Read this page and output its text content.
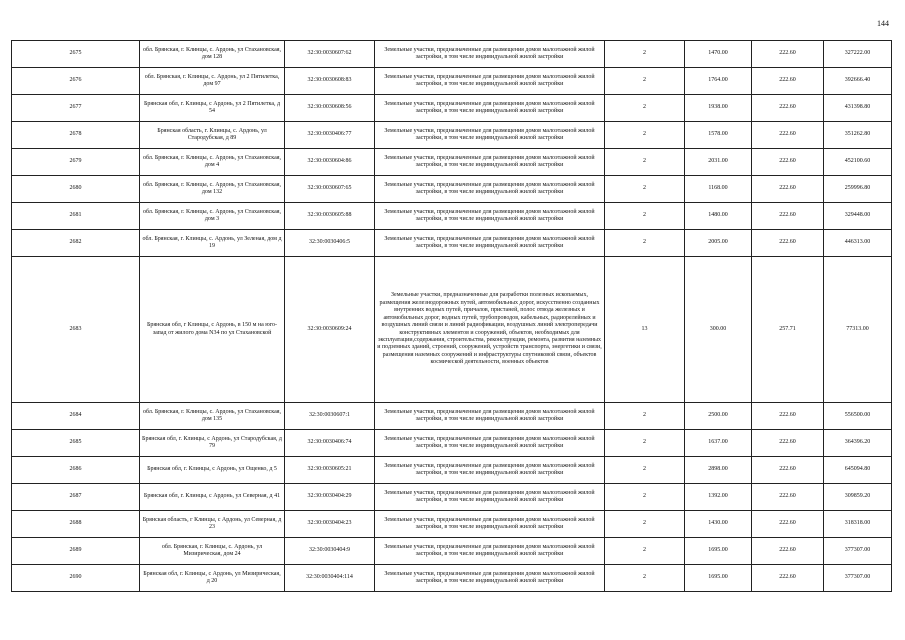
144
2675	обл. Брянская, г. Клинцы, с. Ардонь, ул Стахановская, дом 128	32:30:0030607:62	Земельные участки, предназначенные для размещения домов малоэтажной жилой застройки, в том числе индивидуальной жилой застройки	2	1470.00	222.60	327222.00
2676	обл. Брянская, г. Клинцы, с. Ардонь, ул 2 Пятилетка, дом 97	32:30:0030608:83	Земельные участки, предназначенные для размещения домов малоэтажной жилой застройки, в том числе индивидуальной жилой застройки	2	1764.00	222.60	392666.40
2677	Брянская обл, г. Клинцы, с Ардонь, ул 2 Пятилетка, д 54	32:30:0030608:56	Земельные участки, предназначенные для размещения домов малоэтажной жилой застройки, в том числе индивидуальной жилой застройки	2	1938.00	222.60	431398.80
2678	Брянская область, г. Клинцы, с. Ардонь, ул Стародубская, д 89	32:30:0030406:77	Земельные участки, предназначенные для размещения домов малоэтажной жилой застройки, в том числе индивидуальной жилой застройки	2	1578.00	222.60	351262.80
2679	обл. Брянская, г. Клинцы, с. Ардонь, ул Стахановская, дом 4	32:30:0030604:86	Земельные участки, предназначенные для размещения домов малоэтажной жилой застройки, в том числе индивидуальной жилой застройки	2	2031.00	222.60	452100.60
2680	обл. Брянская, г. Клинцы, с. Ардонь, ул Стахановская, дом 132	32:30:0030607:65	Земельные участки, предназначенные для размещения домов малоэтажной жилой застройки, в том числе индивидуальной жилой застройки	2	1168.00	222.60	259996.80
2681	обл. Брянская, г. Клинцы, с. Ардонь, ул Стахановская, дом 3	32:30:0030605:88	Земельные участки, предназначенные для размещения домов малоэтажной жилой застройки, в том числе индивидуальной жилой застройки	2	1480.00	222.60	329448.00
2682	обл. Брянская, г. Клинцы, с. Ардонь, ул Зеленая, дом д 19	32:30:0030406:5	Земельные участки, предназначенные для размещения домов малоэтажной жилой застройки, в том числе индивидуальной жилой застройки	2	2005.00	222.60	446313.00
2683	Брянская обл, г Клинцы, с Ардонь, в 150 м на юго-запад от жилого дома N34 по ул Стахановской	32:30:0030609:24	Земельные участки, предназначенные для разработки полезных ископаемых, размещения железнодорожных путей, автомобильных дорог, искусственно созданных внутренних водных путей, причалов, пристаней, полос отвода железных и автомобильных дорог, водных путей, трубопроводов, кабельных, радиорелейных и воздушных линий связи и линий радиофикации, воздушных линий электропередачи конструктивных элементов и сооружений, объектов, необходимых для эксплуатации,содержания, строительства, реконструкции, ремонта, развития наземных и подземных зданий, строений, сооружений, устройств транспорта, энергетики и связи, размещения наземных сооружений и инфраструктуры спутниковой связи, объектов космической деятельности, военных объектов	13	300.00	257.71	77313.00
2684	обл. Брянская, г. Клинцы, с. Ардонь, ул Стахановская, дом 135	32:30:0030607:1	Земельные участки, предназначенные для размещения домов малоэтажной жилой застройки, в том числе индивидуальной жилой застройки	2	2500.00	222.60	556500.00
2685	Брянская обл, г. Клинцы, с Ардонь, ул Стародубская, д 79	32:30:0030406:74	Земельные участки, предназначенные для размещения домов малоэтажной жилой застройки, в том числе индивидуальной жилой застройки	2	1637.00	222.60	364396.20
2686	Брянская обл, г. Клинцы, с Ардонь, ул Ощенко, д 5	32:30:0030605:21	Земельные участки, предназначенные для размещения домов малоэтажной жилой застройки, в том числе индивидуальной жилой застройки	2	2898.00	222.60	645094.80
2687	Брянская обл, г. Клинцы, с Ардонь, ул Северная, д 41	32:30:0030404:29	Земельные участки, предназначенные для размещения домов малоэтажной жилой застройки, в том числе индивидуальной жилой застройки	2	1392.00	222.60	309859.20
2688	Брянская область, г Клинцы, с Ардонь, ул Северная, д 23	32:30:0030404:23	Земельные участки, предназначенные для размещения домов малоэтажной жилой застройки, в том числе индивидуальной жилой застройки	2	1430.00	222.60	318318.00
2689	обл. Брянская, г. Клинцы, с. Ардонь, ул Мизирическая, дом 24	32:30:0030404:9	Земельные участки, предназначенные для размещения домов малоэтажной жилой застройки, в том числе индивидуальной жилой застройки	2	1695.00	222.60	377307.00
2690	Брянская обл, г. Клинцы, с Ардонь, ул Мизирическая, д 20	32:30:0030404:114	Земельные участки, предназначенные для размещения домов малоэтажной жилой застройки, в том числе индивидуальной жилой застройки	2	1695.00	222.60	377307.00
